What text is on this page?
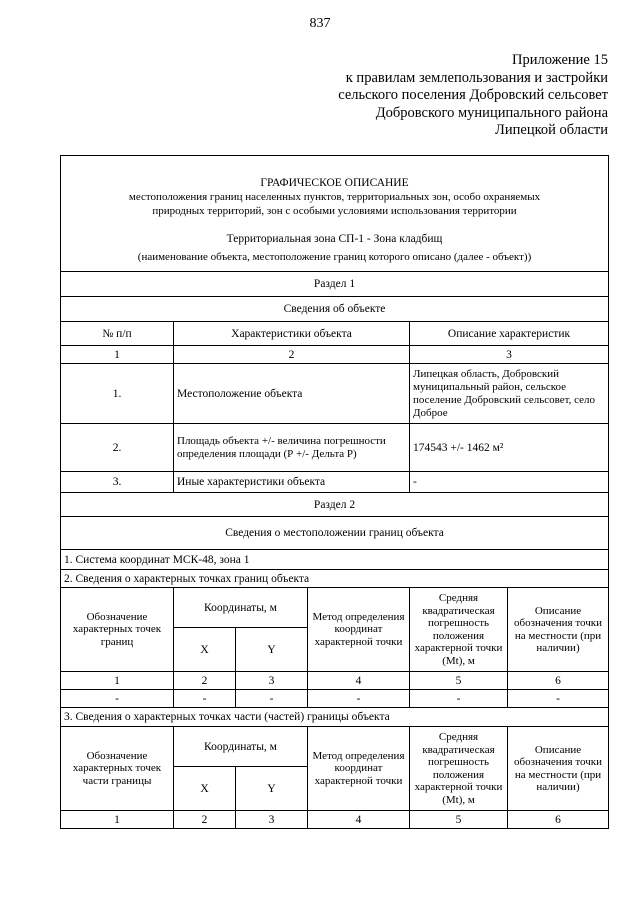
837
Приложение 15
к правилам землепользования и застройки
сельского поселения Добровский сельсовет
Добровского муниципального района
Липецкой области
ГРАФИЧЕСКОЕ ОПИСАНИЕ
местоположения границ населенных пунктов, территориальных зон, особо охраняемых
природных территорий, зон с особыми условиями использования территории
Территориальная зона СП-1 - Зона кладбищ
(наименование объекта, местоположение границ которого описано (далее - объект))					

Раздел 1					
Сведения об объекте					
№ п/п	Характеристики объекта			Описание характеристик	
1	2			3	
1.	Местоположение объекта			Липецкая область, Добровский муниципальный район, сельское поселение Добровский сельсовет, село Доброе	
2.	Площадь объекта +/- величина погрешности определения площади (Р +/- Дельта Р)			174543 +/- 1462 м²	
3.	Иные характеристики объекта			-	
Раздел 2					
Сведения о местоположении границ объекта					
1. Система координат МСК-48, зона 1					
2. Сведения о характерных точках границ объекта					
Обозначение характерных точек границ	Координаты, м		Метод определения координат характерной точки	Средняя квадратическая погрешность положения характерной точки (Mt), м	Описание обозначения точки на местности (при наличии)
	X	Y			
1	2	3	4	5	6
-	-	-	-	-	-
3. Сведения о характерных точках части (частей) границы объекта					
Обозначение характерных точек части границы	Координаты, м		Метод определения координат характерной точки	Средняя квадратическая погрешность положения характерной точки (Mt), м	Описание обозначения точки на местности (при наличии)
	X	Y			
1	2	3	4	5	6
